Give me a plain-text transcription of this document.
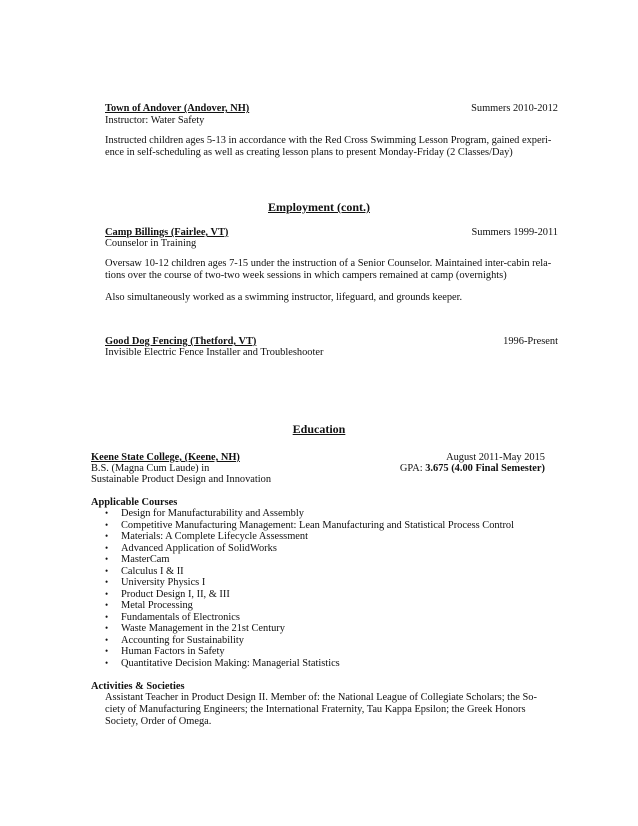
Town of Andover (Andover, NH)	Summers 2010-2012
Instructor: Water Safety
Instructed children ages 5-13 in accordance with the Red Cross Swimming Lesson Program, gained experi-
ence in self-scheduling as well as creating lesson plans to present Monday-Friday (2 Classes/Day)
Employment (cont.)
Camp Billings (Fairlee, VT)	Summers 1999-2011
Counselor in Training
Oversaw 10-12 children ages 7-15 under the instruction of a Senior Counselor. Maintained inter-cabin rela-
tions over the course of two-two week sessions in which campers remained at camp (overnights)
Also simultaneously worked as a swimming instructor, lifeguard, and grounds keeper.
Good Dog Fencing (Thetford, VT)	1996-Present
Invisible Electric Fence Installer and Troubleshooter
Education
Keene State College, (Keene, NH)	August 2011-May 2015
B.S. (Magna Cum Laude) in	GPA: 3.675 (4.00 Final Semester)
Sustainable Product Design and Innovation
Applicable Courses
• Design for Manufacturability and Assembly
• Competitive Manufacturing Management: Lean Manufacturing and Statistical Process Control
• Materials: A Complete Lifecycle Assessment
• Advanced Application of SolidWorks
• MasterCam
• Calculus I & II
• University Physics I
• Product Design I, II, & III
• Metal Processing
• Fundamentals of Electronics
• Waste Management in the 21st Century
• Accounting for Sustainability
• Human Factors in Safety
• Quantitative Decision Making: Managerial Statistics
Activities & Societies
Assistant Teacher in Product Design II. Member of: the National League of Collegiate Scholars; the So-
ciety of Manufacturing Engineers; the International Fraternity, Tau Kappa Epsilon; the Greek Honors
Society, Order of Omega.
